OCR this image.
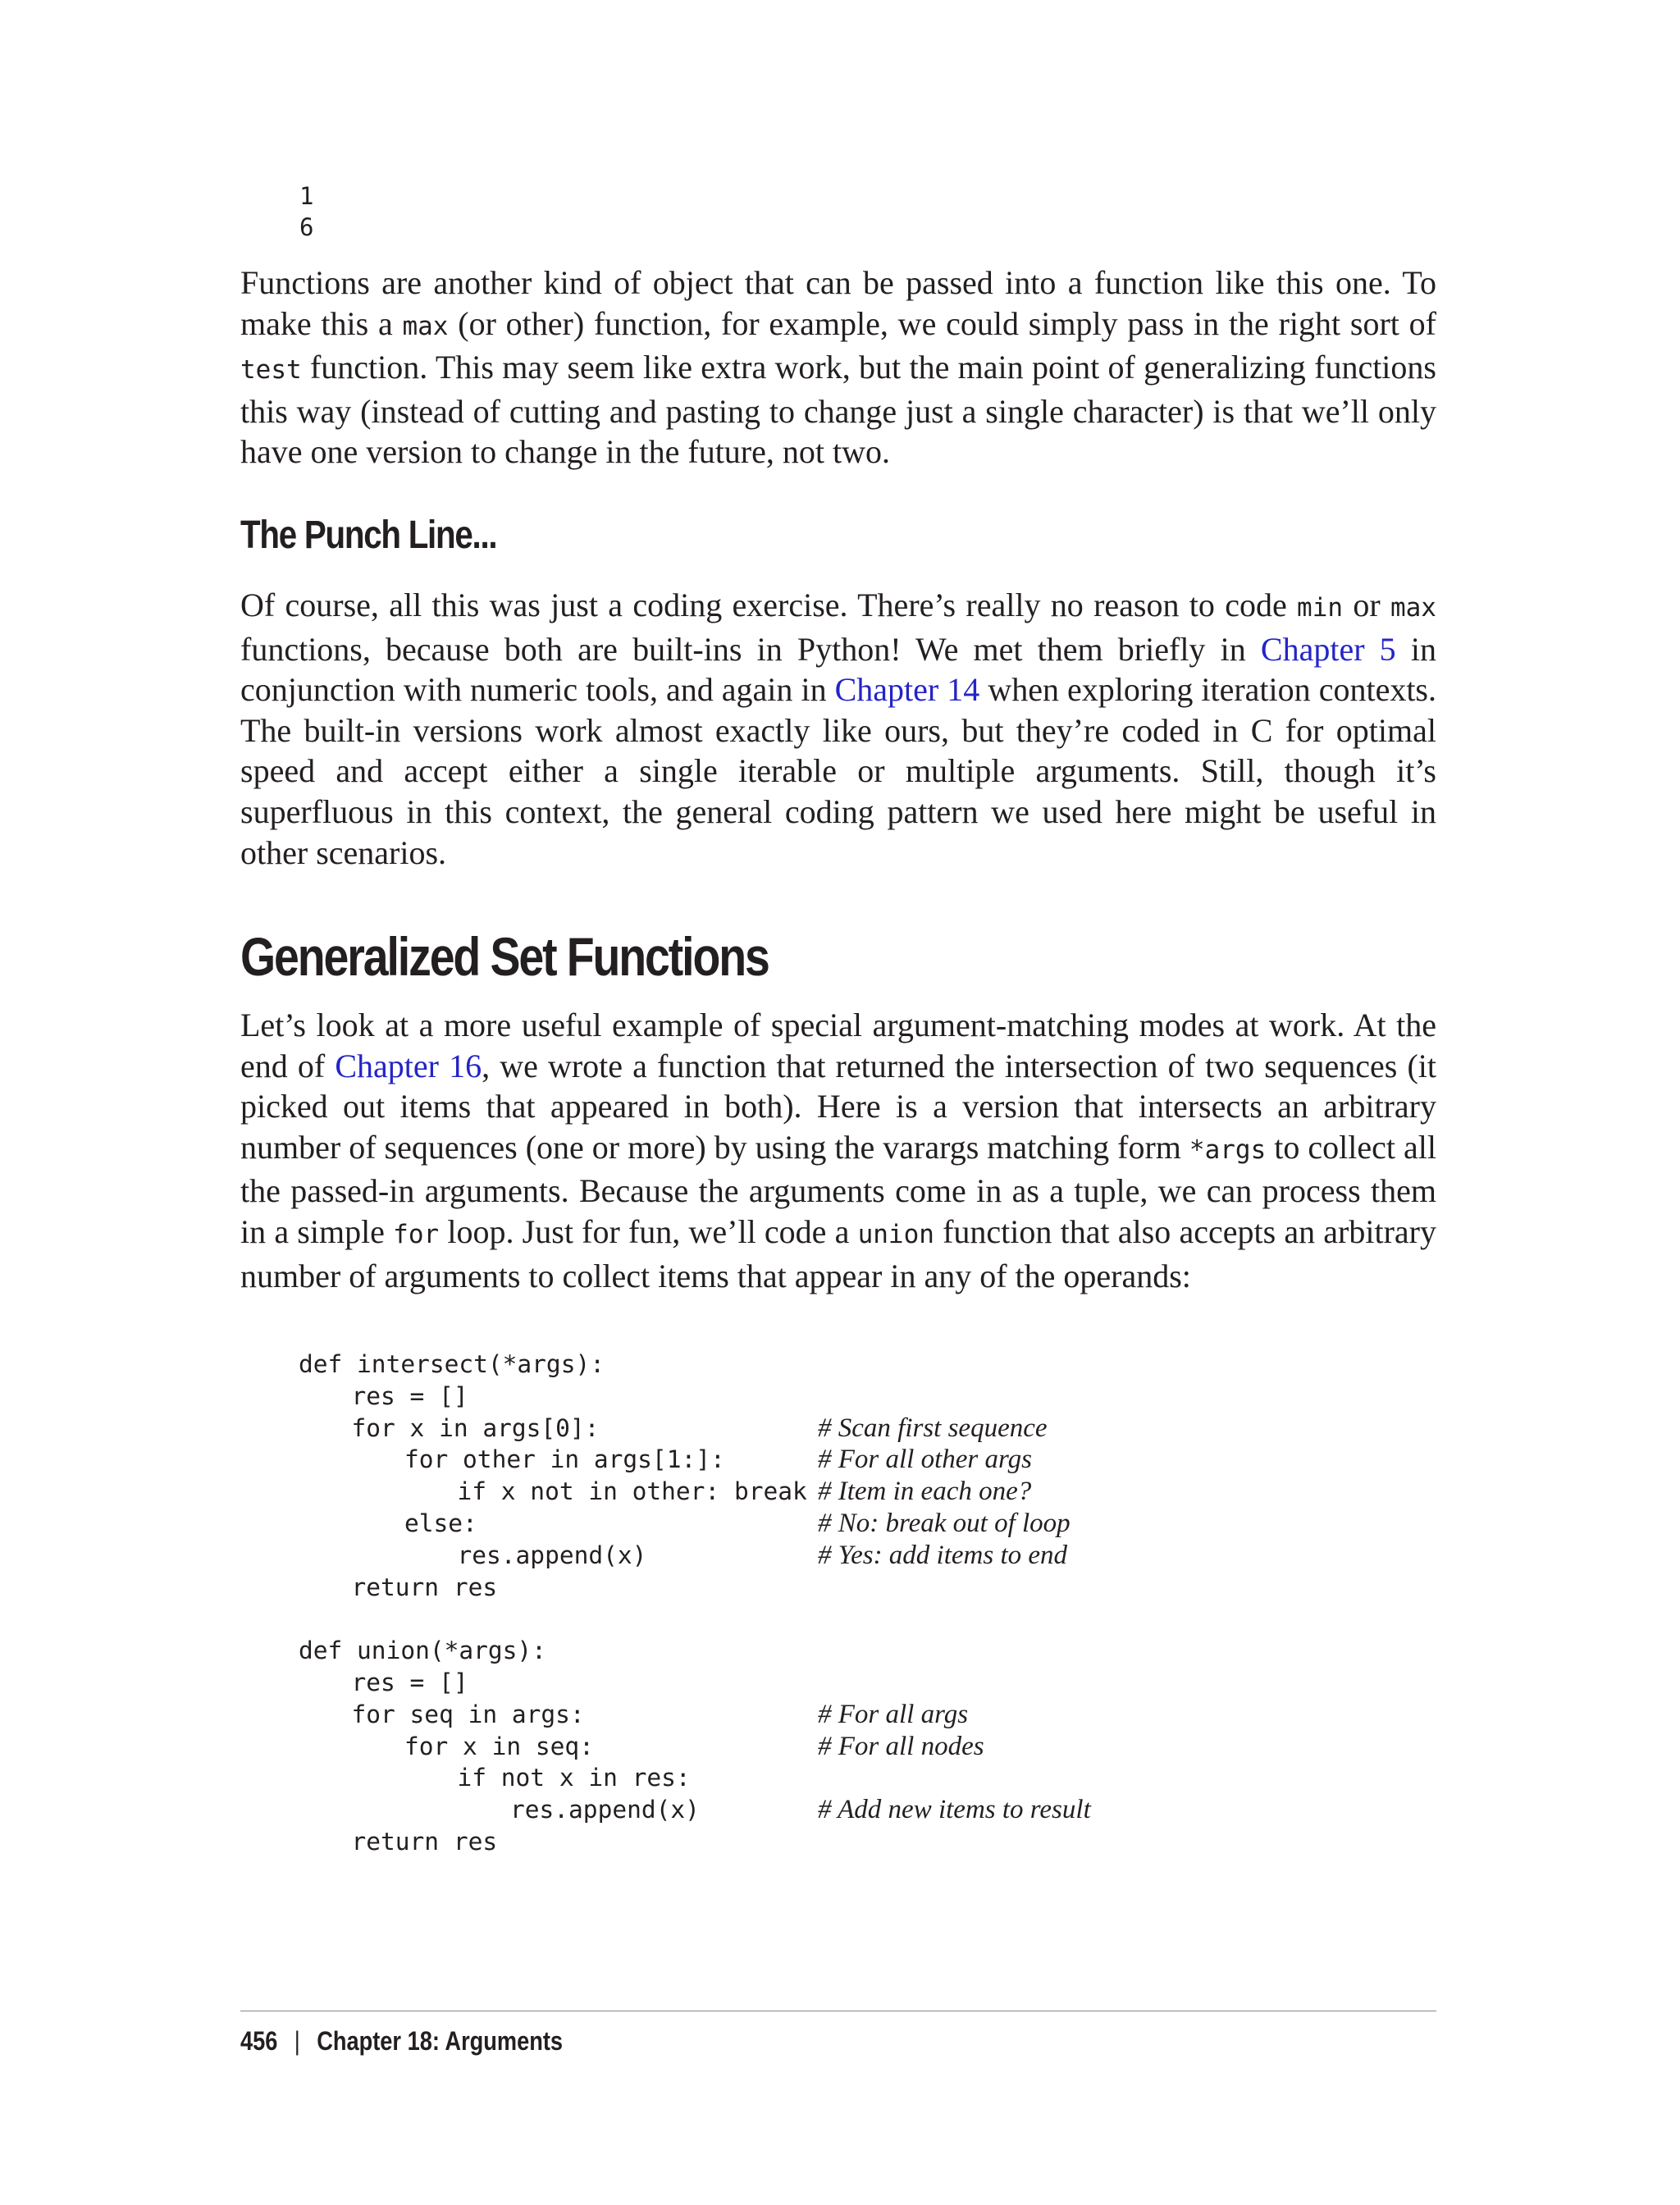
1
6

Functions are another kind of object that can be passed into a function like this one. To make this a max (or other) function, for example, we could simply pass in the right sort of test function. This may seem like extra work, but the main point of generalizing functions this way (instead of cutting and pasting to change just a single character) is that we’ll only have one version to change in the future, not two.

The Punch Line...

Of course, all this was just a coding exercise. There’s really no reason to code min or max functions, because both are built-ins in Python! We met them briefly in Chapter 5 in conjunction with numeric tools, and again in Chapter 14 when exploring iteration contexts. The built-in versions work almost exactly like ours, but they’re coded in C for optimal speed and accept either a single iterable or multiple arguments. Still, though it’s superfluous in this context, the general coding pattern we used here might be useful in other scenarios.

Generalized Set Functions

Let’s look at a more useful example of special argument-matching modes at work. At the end of Chapter 16, we wrote a function that returned the intersection of two sequences (it picked out items that appeared in both). Here is a version that intersects an arbitrary number of sequences (one or more) by using the varargs matching form *args to collect all the passed-in arguments. Because the arguments come in as a tuple, we can process them in a simple for loop. Just for fun, we’ll code a union function that also accepts an arbitrary number of arguments to collect items that appear in any of the operands:

def intersect(*args):
res = []
for x in args[0]:	# Scan first sequence
for other in args[1:]:	# For all other args
if x not in other: break # Item in each one?
else:	# No: break out of loop
res.append(x)	# Yes: add items to end
return res
def union(*args):
res = []
for seq in args:	# For all args
for x in seq:	# For all nodes
if not x in res:
res.append(x)	# Add new items to result
return res

456 | Chapter 18: Arguments
